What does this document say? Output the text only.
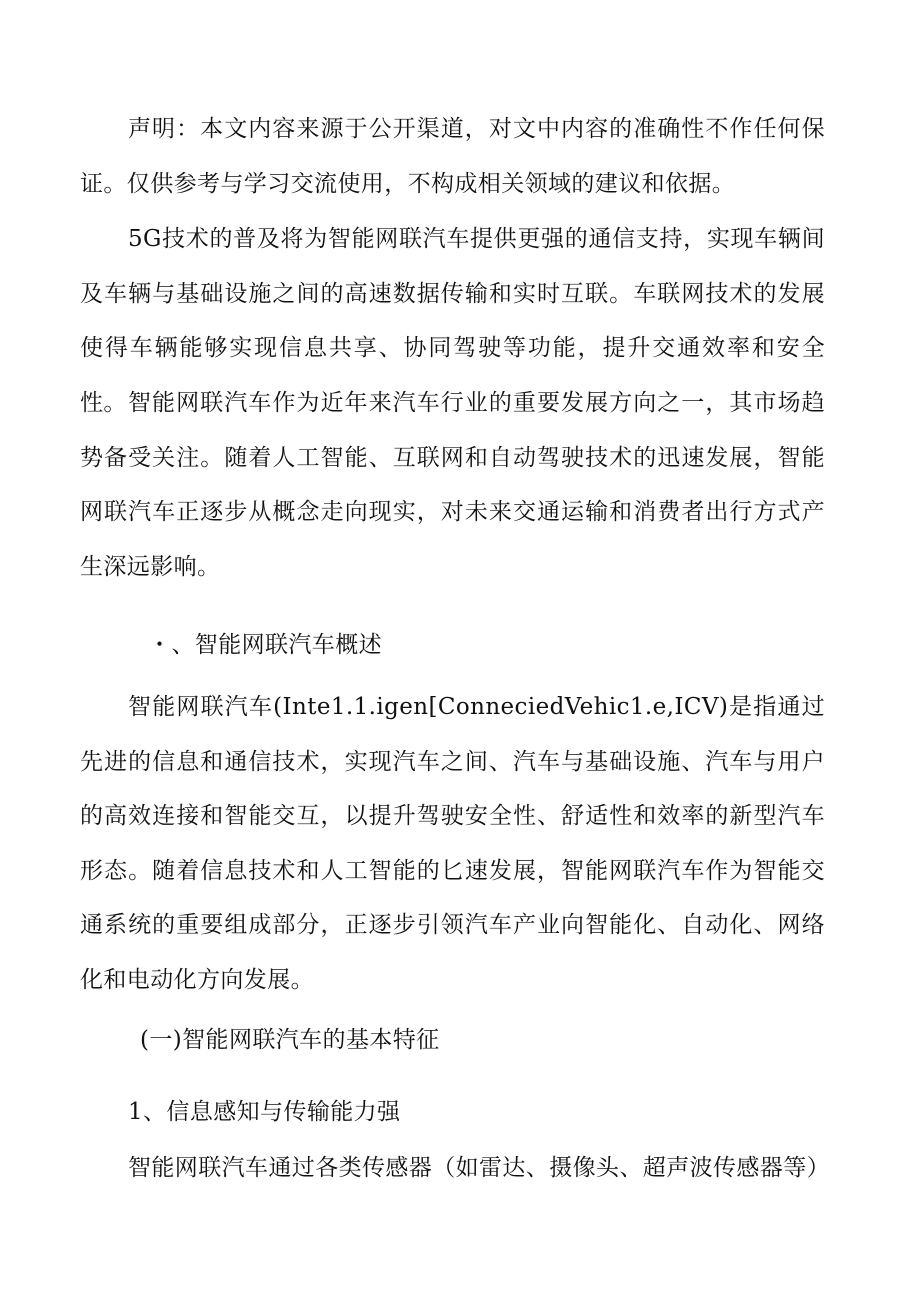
声明：本文内容来源于公开渠道，对文中内容的准确性不作任何保证。仅供参考与学习交流使用，不构成相关领域的建议和依据。

5G技术的普及将为智能网联汽车提供更强的通信支持，实现车辆间及车辆与基础设施之间的高速数据传输和实时互联。车联网技术的发展使得车辆能够实现信息共享、协同驾驶等功能，提升交通效率和安全性。 智能网联汽车作为近年来汽车行业的重要发展方向之一，其市场趋势备受关注。随着人工智能、互联网和自动驾驶技术的迅速发展，智能网联汽车正逐步从概念走向现实，对未来交通运输和消费者出行方式产生深远影响。

・、智能网联汽车概述

智能网联汽车(Inte1.1.igen[ConneciedVehic1.e,ICV)是指通过先进的信息和通信技术，实现汽车之间、汽车与基础设施、汽车与用户的高效连接和智能交互，以提升驾驶安全性、舒适性和效率的新型汽车形态。随着信息技术和人工智能的匕速发展，智能网联汽车作为智能交通系统的重要组成部分，正逐步引领汽车产业向智能化、自动化、网络化和电动化方向发展。

(一)智能网联汽车的基本特征
1、信息感知与传输能力强

智能网联汽车通过各类传感器（如雷达、摄像头、超声波传感器等）
